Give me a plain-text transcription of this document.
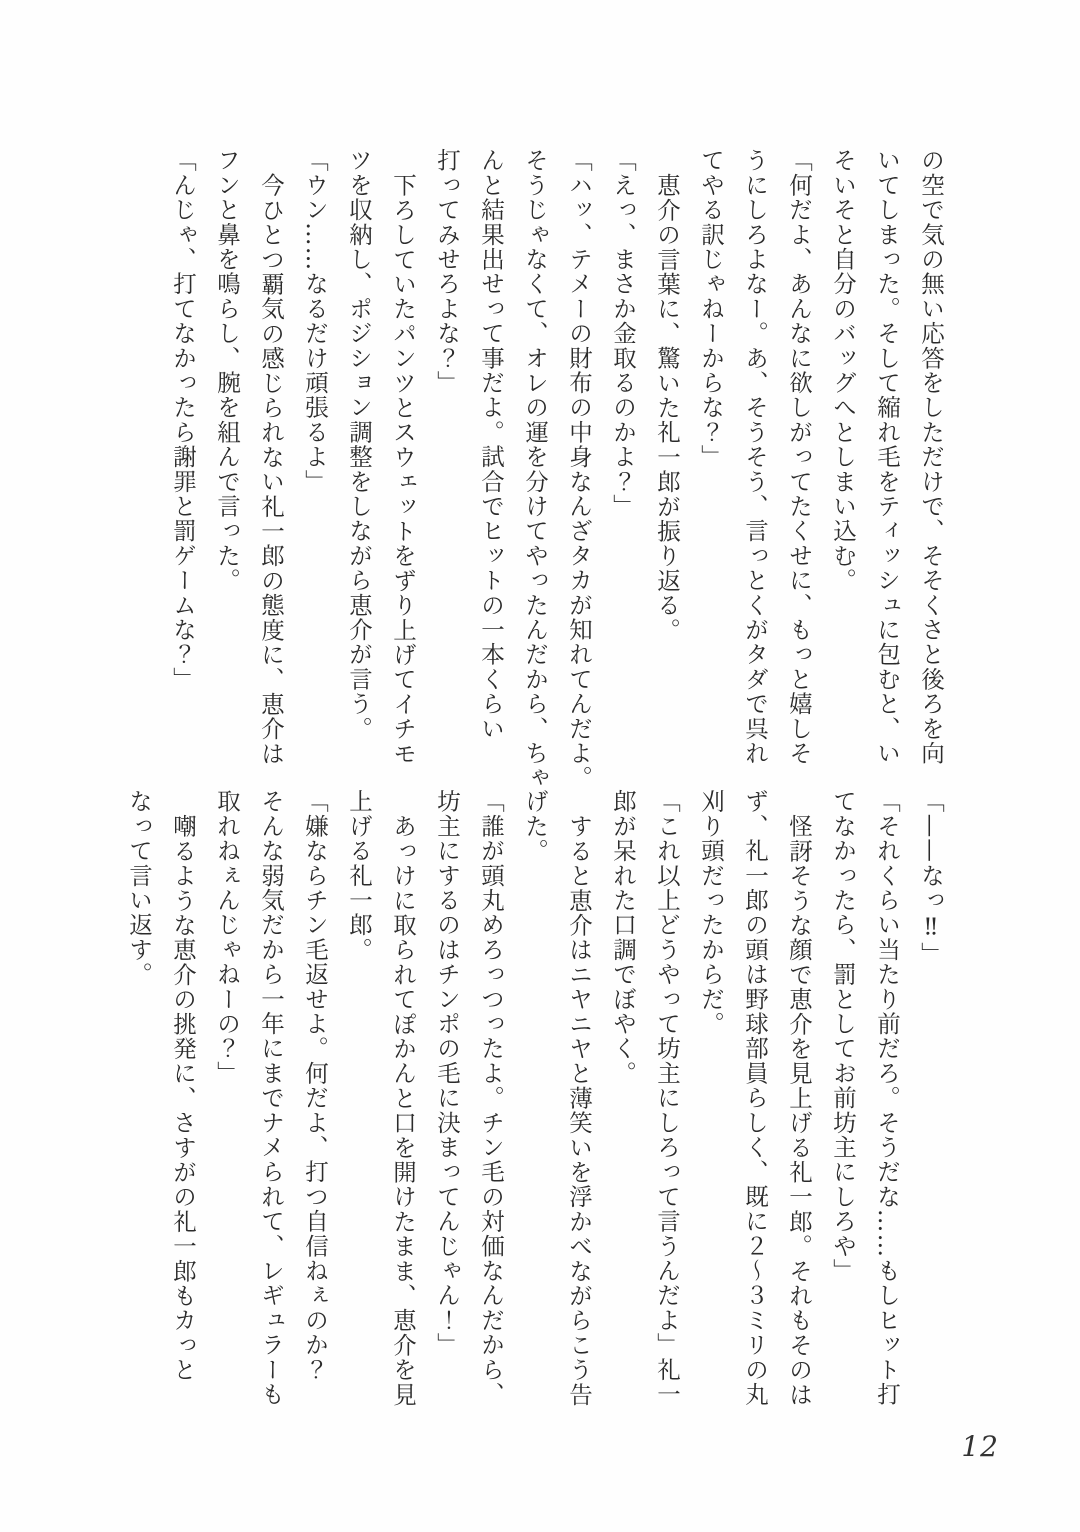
の空で気の無い応答をしただけで、そそくさと後ろを向
いてしまった。そして縮れ毛をティッシュに包むと、い
そいそと自分のバッグへとしまい込む。
「何だよ、あんなに欲しがってたくせに、もっと嬉しそ
うにしろよなー。あ、そうそう、言っとくがタダで呉れ
てやる訳じゃねーからな？」
恵介の言葉に、驚いた礼一郎が振り返る。
「えっ、まさか金取るのかよ？」
「ハッ、テメーの財布の中身なんざタカが知れてんだよ。
そうじゃなくて、オレの運を分けてやったんだから、ちゃ
んと結果出せって事だよ。試合でヒットの一本くらい
打ってみせろよな？」
下ろしていたパンツとスウェットをずり上げてイチモ
ツを収納し、ポジション調整をしながら恵介が言う。
「ウン……なるだけ頑張るよ」
今ひとつ覇気の感じられない礼一郎の態度に、恵介は
フンと鼻を鳴らし、腕を組んで言った。
「んじゃ、打てなかったら謝罪と罰ゲームな？」
「——なっ‼」
「それくらい当たり前だろ。そうだな……もしヒット打
てなかったら、罰としてお前坊主にしろや」
怪訝そうな顔で恵介を見上げる礼一郎。それもそのは
ず、礼一郎の頭は野球部員らしく、既に２〜３ミリの丸
刈り頭だったからだ。
「これ以上どうやって坊主にしろって言うんだよ」礼一
郎が呆れた口調でぼやく。
すると恵介はニヤニヤと薄笑いを浮かべながらこう告
げた。
「誰が頭丸めろっつったよ。チン毛の対価なんだから、
坊主にするのはチンポの毛に決まってんじゃん！」
あっけに取られてぽかんと口を開けたまま、恵介を見
上げる礼一郎。
「嫌ならチン毛返せよ。何だよ、打つ自信ねぇのか？
そんな弱気だから一年にまでナメられて、レギュラーも
取れねぇんじゃねーの？」
嘲るような恵介の挑発に、さすがの礼一郎もカっと
なって言い返す。
12
